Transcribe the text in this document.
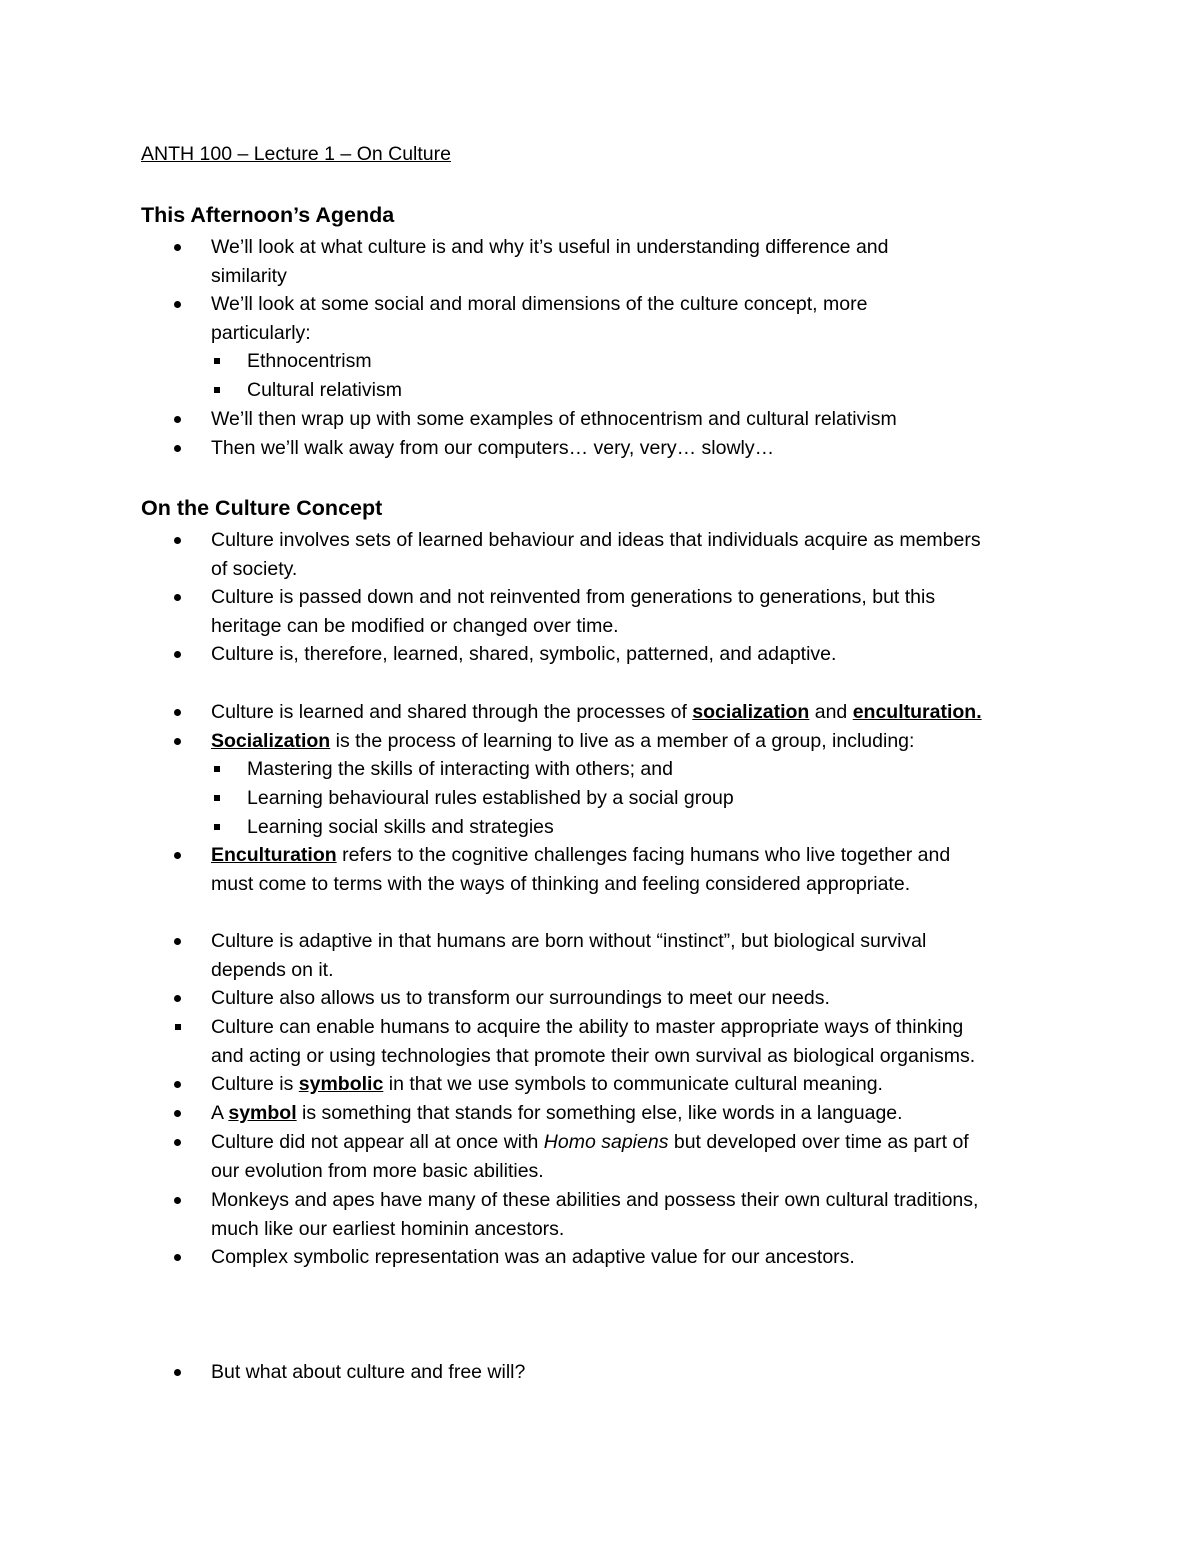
ANTH 100 – Lecture 1 – On Culture
This Afternoon’s Agenda
We’ll look at what culture is and why it’s useful in understanding difference and
similarity
We’ll look at some social and moral dimensions of the culture concept, more
particularly:
Ethnocentrism
Cultural relativism
We’ll then wrap up with some examples of ethnocentrism and cultural relativism
Then we’ll walk away from our computers… very, very… slowly…
On the Culture Concept
Culture involves sets of learned behaviour and ideas that individuals acquire as members
of society.
Culture is passed down and not reinvented from generations to generations, but this
heritage can be modified or changed over time.
Culture is, therefore, learned, shared, symbolic, patterned, and adaptive.
Culture is learned and shared through the processes of socialization and enculturation.
Socialization is the process of learning to live as a member of a group, including:
Mastering the skills of interacting with others; and
Learning behavioural rules established by a social group
Learning social skills and strategies
Enculturation refers to the cognitive challenges facing humans who live together and
must come to terms with the ways of thinking and feeling considered appropriate.
Culture is adaptive in that humans are born without “instinct”, but biological survival
depends on it.
Culture also allows us to transform our surroundings to meet our needs.
Culture can enable humans to acquire the ability to master appropriate ways of thinking
and acting or using technologies that promote their own survival as biological organisms.
Culture is symbolic in that we use symbols to communicate cultural meaning.
A symbol is something that stands for something else, like words in a language.
Culture did not appear all at once with Homo sapiens but developed over time as part of
our evolution from more basic abilities.
Monkeys and apes have many of these abilities and possess their own cultural traditions,
much like our earliest hominin ancestors.
Complex symbolic representation was an adaptive value for our ancestors.
But what about culture and free will?
